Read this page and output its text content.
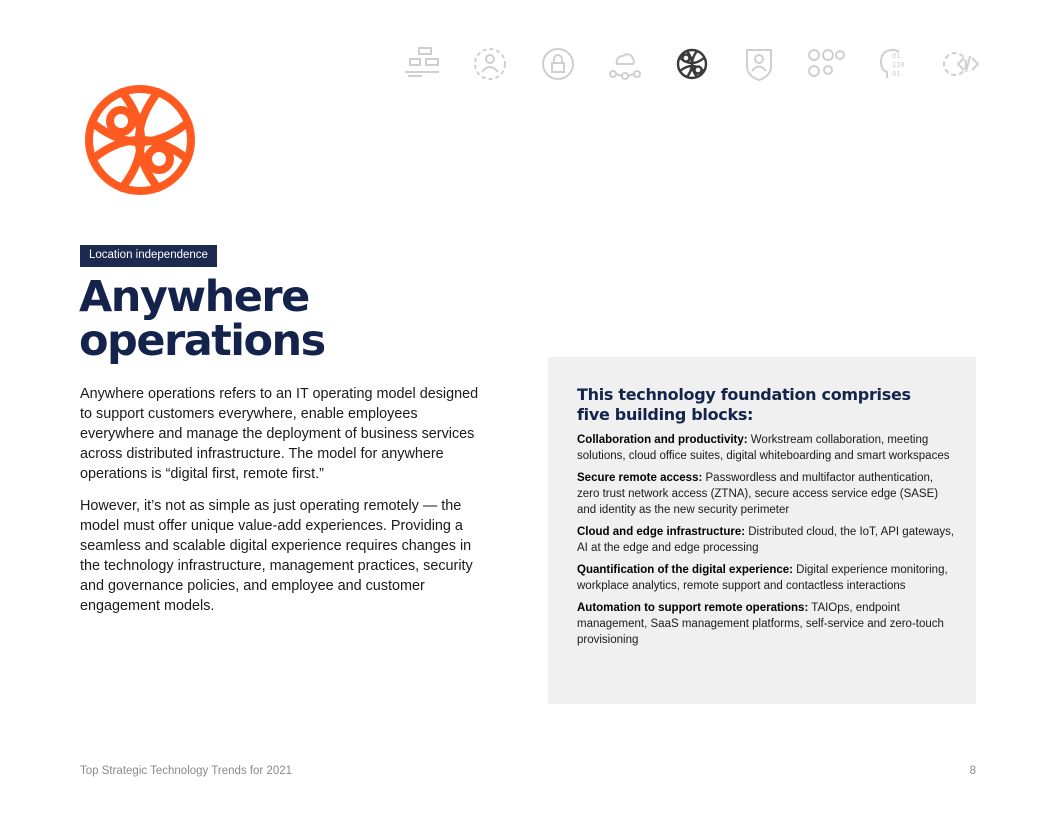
01
110
01
Location independence
Anywhere
operations

Anywhere operations refers to an IT operating model designed to support customers everywhere, enable employees everywhere and manage the deployment of business services across distributed infrastructure. The model for anywhere operations is “digital first, remote first.”

However, it’s not as simple as just operating remotely — the model must offer unique value-add experiences. Providing a seamless and scalable digital experience requires changes in the technology infrastructure, management practices, security and governance policies, and employee and customer engagement models.

This technology foundation comprises
five building blocks:

Collaboration and productivity: Workstream collaboration, meeting solutions, cloud office suites, digital whiteboarding and smart workspaces

Secure remote access: Passwordless and multifactor authentication, zero trust network access (ZTNA), secure access service edge (SASE) and identity as the new security perimeter

Cloud and edge infrastructure: Distributed cloud, the IoT, API gateways, AI at the edge and edge processing

Quantification of the digital experience: Digital experience monitoring, workplace analytics, remote support and contactless interactions

Automation to support remote operations: TAIOps, endpoint management, SaaS management platforms, self-service and zero-touch provisioning

Top Strategic Technology Trends for 2021	8
